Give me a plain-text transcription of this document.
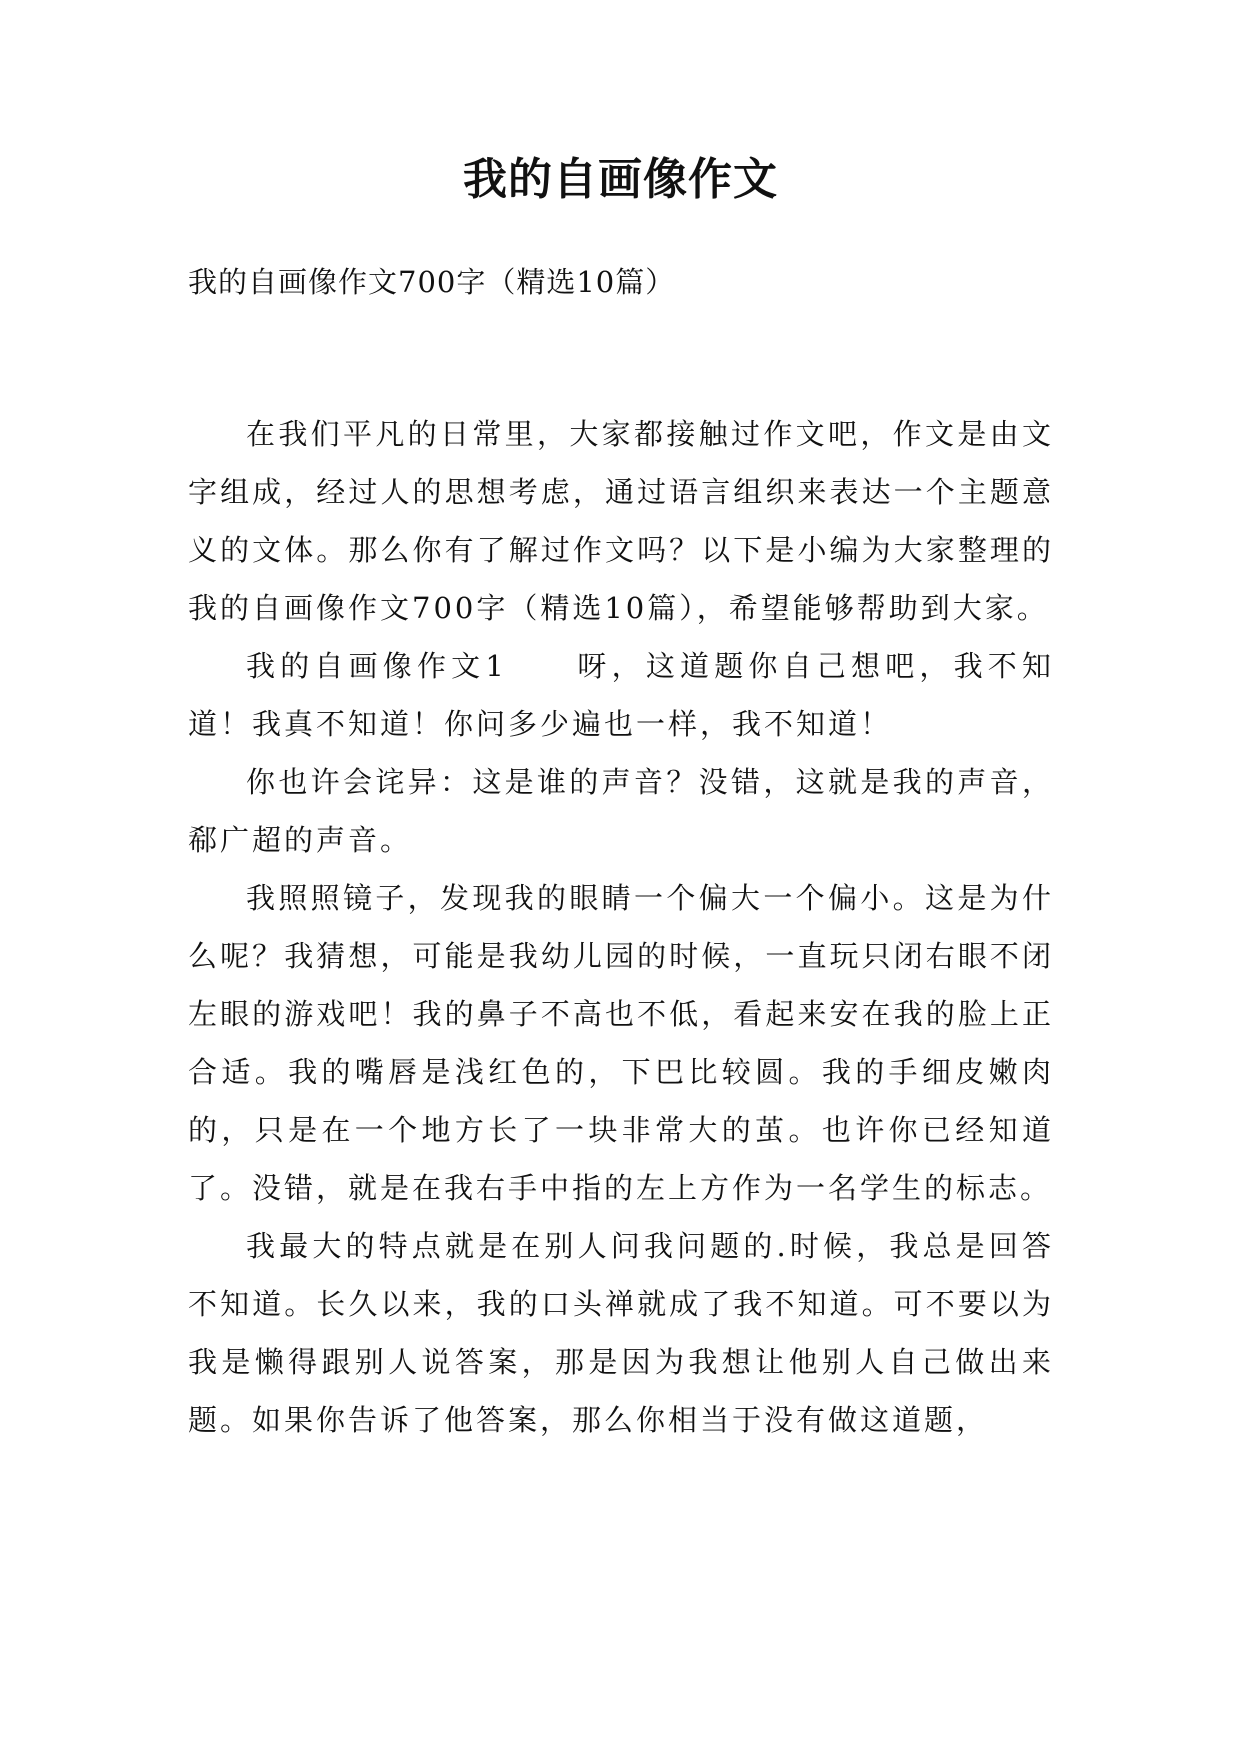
我的自画像作文
我的自画像作文700字（精选10篇）

在我们平凡的日常里，大家都接触过作文吧，作文是由文字组成，经过人的思想考虑，通过语言组织来表达一个主题意义的文体。那么你有了解过作文吗？以下是小编为大家整理的我的自画像作文700字（精选10篇），希望能够帮助到大家。

我的自画像作文1　　呀，这道题你自己想吧，我不知道！我真不知道！你问多少遍也一样，我不知道！

你也许会诧异：这是谁的声音？没错，这就是我的声音，郗广超的声音。

我照照镜子，发现我的眼睛一个偏大一个偏小。这是为什么呢？我猜想，可能是我幼儿园的时候，一直玩只闭右眼不闭左眼的游戏吧！我的鼻子不高也不低，看起来安在我的脸上正合适。我的嘴唇是浅红色的，下巴比较圆。我的手细皮嫩肉的，只是在一个地方长了一块非常大的茧。也许你已经知道了。没错，就是在我右手中指的左上方作为一名学生的标志。

我最大的特点就是在别人问我问题的.时候，我总是回答不知道。长久以来，我的口头禅就成了我不知道。可不要以为我是懒得跟别人说答案，那是因为我想让他别人自己做出来题。如果你告诉了他答案，那么你相当于没有做这道题，
